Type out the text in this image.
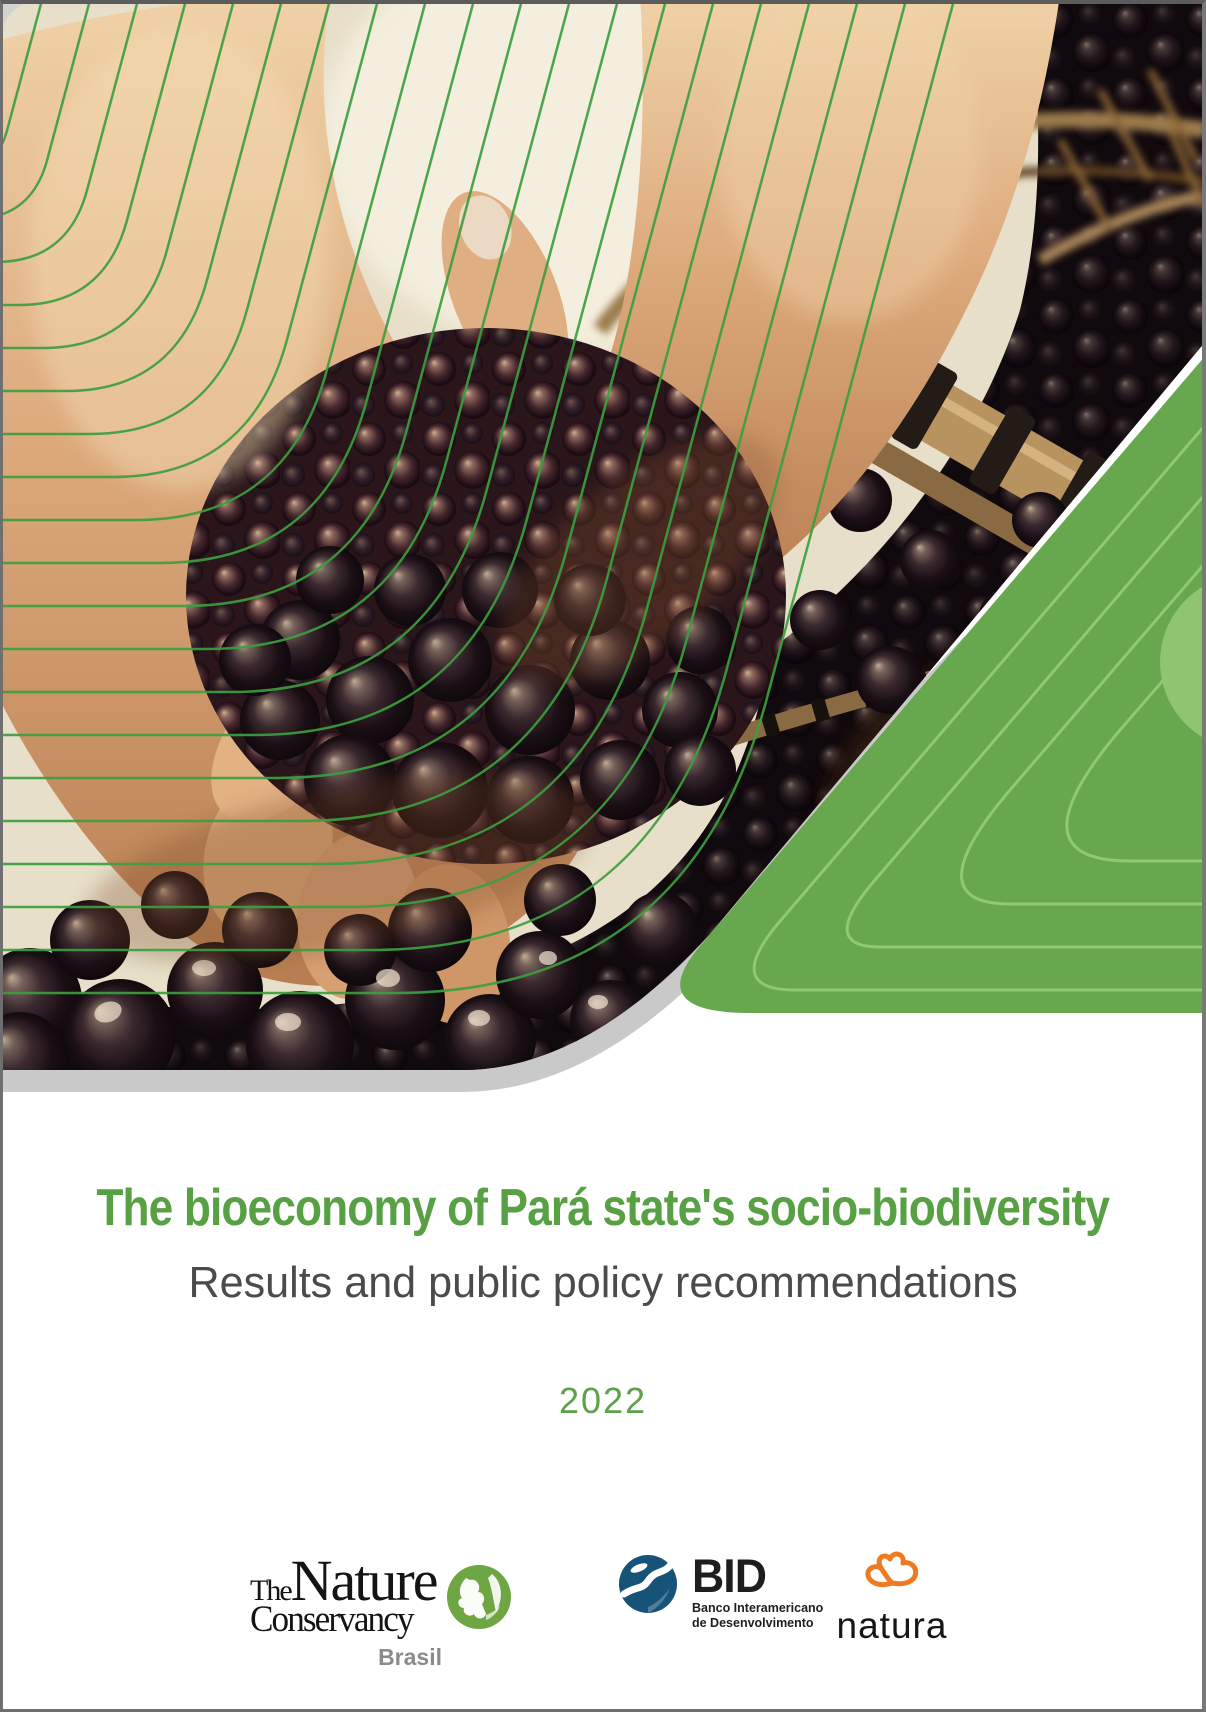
The bioeconomy of Pará state's socio-biodiversity
Results and public policy recommendations
2022
TheNature
Conservancy
Brasil
BID
Banco Interamericano
de Desenvolvimento natura
